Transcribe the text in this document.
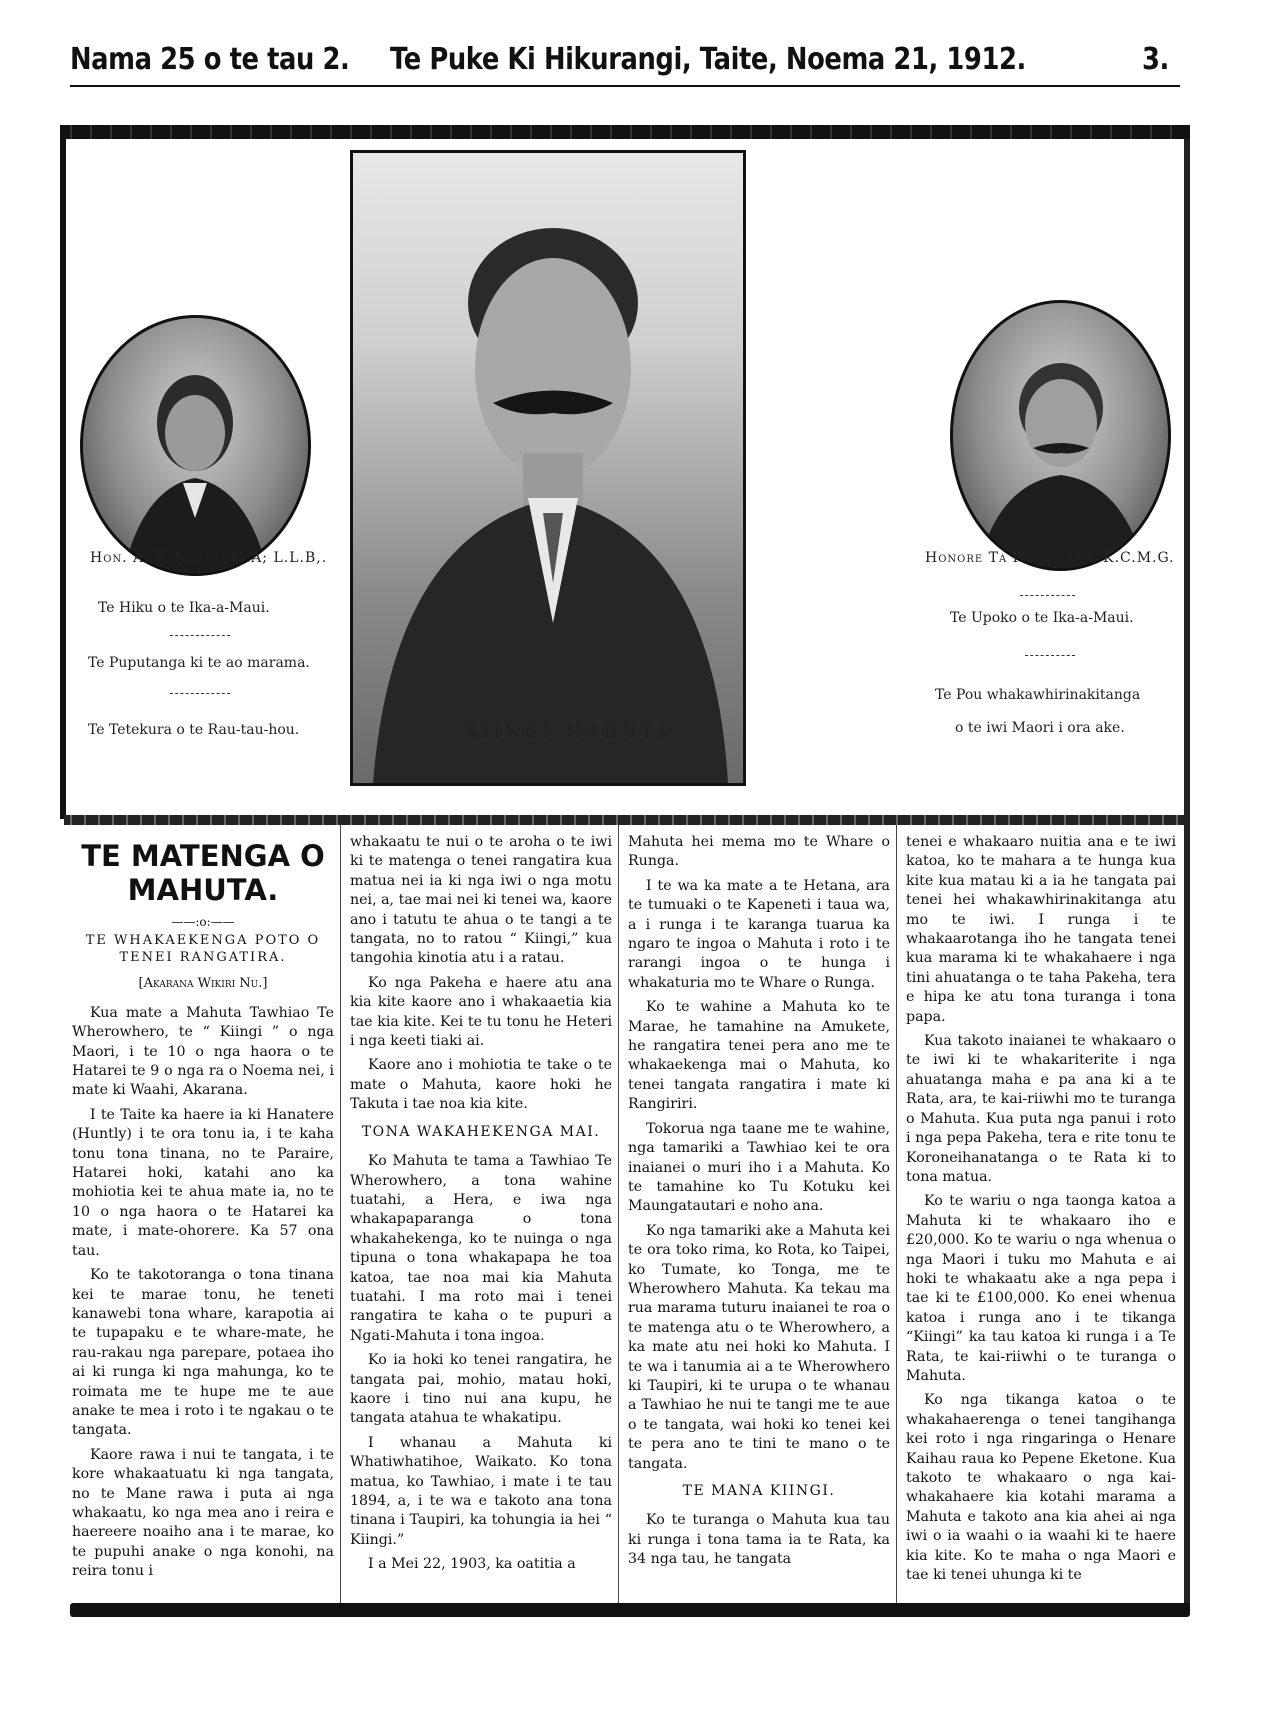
Nama 25 o te tau 2. Te Puke Ki Hikurangi, Taite, Noema 21, 1912.	3.
Hon. A. T. Ngata, M.A; L.L.B,.
Te Hiku o te Ika-a-Maui.
Te Puputanga ki te ao marama.
Te Tetekura o te Rau-tau-hou.	KIINGI MAHUTA.
Honore Ta Hemi Kara, K.C.M.G.
Te Upoko o te Ika-a-Maui.
Te Pou whakawhirinakitanga
o te iwi Maori i ora ake.

TE MATENGA O MAHUTA.

——:o:——

TE WHAKAEKENGA POTO O TENEI RANGATIRA.

[Akarana Wikiri Nu.]

Kua mate a Mahuta Tawhiao Te Wherowhero, te “ Kiingi ” o nga Maori, i te 10 o nga haora o te Hatarei te 9 o nga ra o Noema nei, i mate ki Waahi, Akarana.

I te Taite ka haere ia ki Hanatere (Huntly) i te ora tonu ia, i te kaha tonu tona tinana, no te Paraire, Hatarei hoki, katahi ano ka mohiotia kei te ahua mate ia, no te 10 o nga haora o te Hatarei ka mate, i mate-ohorere. Ka 57 ona tau.

Ko te takotoranga o tona tinana kei te marae tonu, he teneti kanawebi tona whare, karapotia ai te tupapaku e te whare-mate, he rau-rakau nga parepare, potaea iho ai ki runga ki nga mahunga, ko te roimata me te hupe me te aue anake te mea i roto i te ngakau o te tangata.

Kaore rawa i nui te tangata, i te kore whakaatuatu ki nga tangata, no te Mane rawa i puta ai nga whakaatu, ko nga mea ano i reira e haereere noaiho ana i te marae, ko te pupuhi anake o nga konohi, na reira tonu i

whakaatu te nui o te aroha o te iwi ki te matenga o tenei rangatira kua matua nei ia ki nga iwi o nga motu nei, a, tae mai nei ki tenei wa, kaore ano i tatutu te ahua o te tangi a te tangata, no to ratou “ Kiingi,” kua tangohia kinotia atu i a ratau.

Ko nga Pakeha e haere atu ana kia kite kaore ano i whakaaetia kia tae kia kite. Kei te tu tonu he Heteri i nga keeti tiaki ai.

Kaore ano i mohiotia te take o te mate o Mahuta, kaore hoki he Takuta i tae noa kia kite.

TONA WAKAHEKENGA MAI.

Ko Mahuta te tama a Tawhiao Te Wherowhero, a tona wahine tuatahi, a Hera, e iwa nga whakapaparanga o tona whakahekenga, ko te nuinga o nga tipuna o tona whakapapa he toa katoa, tae noa mai kia Mahuta tuatahi. I ma roto mai i tenei rangatira te kaha o te pupuri a Ngati-Mahuta i tona ingoa.

Ko ia hoki ko tenei rangatira, he tangata pai, mohio, matau hoki, kaore i tino nui ana kupu, he tangata atahua te whakatipu.

I whanau a Mahuta ki Whatiwhatihoe, Waikato. Ko tona matua, ko Tawhiao, i mate i te tau 1894, a, i te wa e takoto ana tona tinana i Taupiri, ka tohungia ia hei “ Kiingi.”

I a Mei 22, 1903, ka oatitia a

Mahuta hei mema mo te Whare o Runga.

I te wa ka mate a te Hetana, ara te tumuaki o te Kapeneti i taua wa, a i runga i te karanga tuarua ka ngaro te ingoa o Mahuta i roto i te rarangi ingoa o te hunga i whakaturia mo te Whare o Runga.

Ko te wahine a Mahuta ko te Marae, he tamahine na Amukete, he rangatira tenei pera ano me te whakaekenga mai o Mahuta, ko tenei tangata rangatira i mate ki Rangiriri.

Tokorua nga taane me te wahine, nga tamariki a Tawhiao kei te ora inaianei o muri iho i a Mahuta. Ko te tamahine ko Tu Kotuku kei Maungatautari e noho ana.

Ko nga tamariki ake a Mahuta kei te ora toko rima, ko Rota, ko Taipei, ko Tumate, ko Tonga, me te Wherowhero Mahuta. Ka tekau ma rua marama tuturu inaianei te roa o te matenga atu o te Wherowhero, a ka mate atu nei hoki ko Mahuta. I te wa i tanumia ai a te Wherowhero ki Taupiri, ki te urupa o te whanau a Tawhiao he nui te tangi me te aue o te tangata, wai hoki ko tenei kei te pera ano te tini te mano o te tangata.

TE MANA KIINGI.

Ko te turanga o Mahuta kua tau ki runga i tona tama ia te Rata, ka 34 nga tau, he tangata

tenei e whakaaro nuitia ana e te iwi katoa, ko te mahara a te hunga kua kite kua matau ki a ia he tangata pai tenei hei whakawhirinakitanga atu mo te iwi. I runga i te whakaarotanga iho he tangata tenei kua marama ki te whakahaere i nga tini ahuatanga o te taha Pakeha, tera e hipa ke atu tona turanga i tona papa.

Kua takoto inaianei te whakaaro o te iwi ki te whakariterite i nga ahuatanga maha e pa ana ki a te Rata, ara, te kai-riiwhi mo te turanga o Mahuta. Kua puta nga panui i roto i nga pepa Pakeha, tera e rite tonu te Koroneihanatanga o te Rata ki to tona matua.

Ko te wariu o nga taonga katoa a Mahuta ki te whakaaro iho e £20,000. Ko te wariu o nga whenua o nga Maori i tuku mo Mahuta e ai hoki te whakaatu ake a nga pepa i tae ki te £100,000. Ko enei whenua katoa i runga ano i te tikanga “Kiingi” ka tau katoa ki runga i a Te Rata, te kai-riiwhi o te turanga o Mahuta.

Ko nga tikanga katoa o te whakahaerenga o tenei tangihanga kei roto i nga ringaringa o Henare Kaihau raua ko Pepene Eketone. Kua takoto te whakaaro o nga kai-whakahaere kia kotahi marama a Mahuta e takoto ana kia ahei ai nga iwi o ia waahi o ia waahi ki te haere kia kite. Ko te maha o nga Maori e tae ki tenei uhunga ki te
